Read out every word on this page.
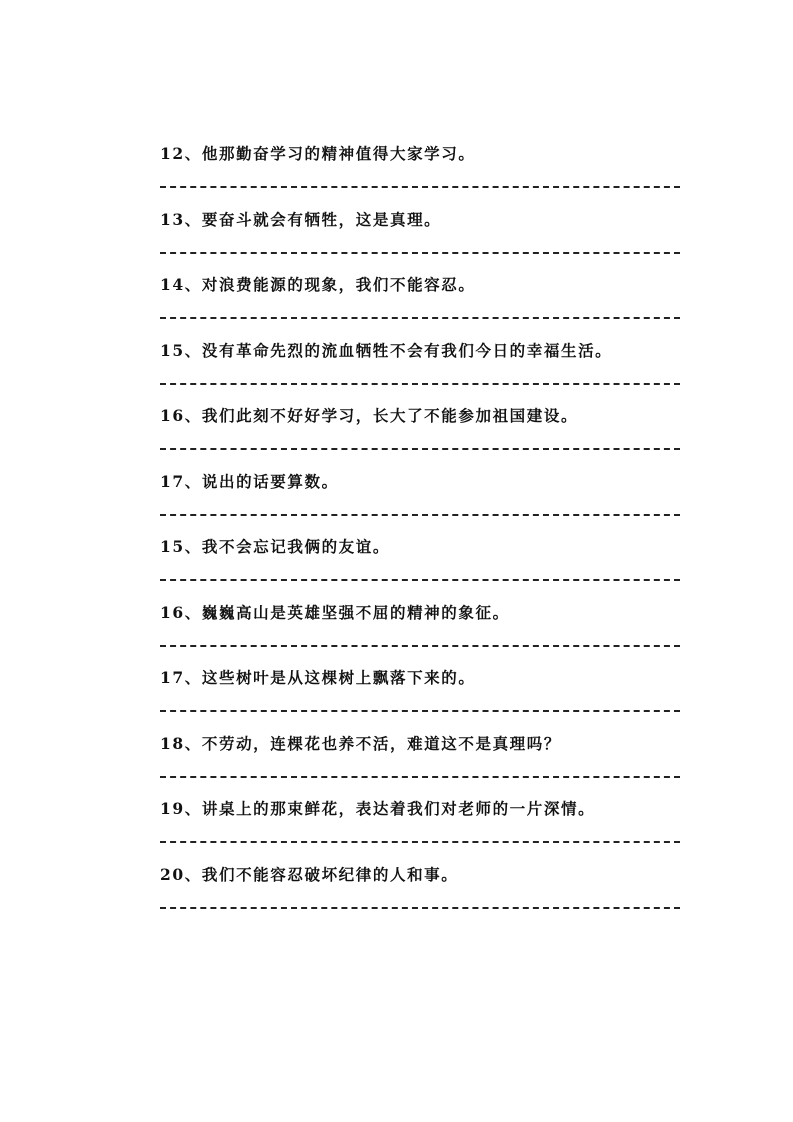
12、他那勤奋学习的精神值得大家学习。
13、要奋斗就会有牺牲，这是真理。
14、对浪费能源的现象，我们不能容忍。
15、没有革命先烈的流血牺牲不会有我们今日的幸福生活。
16、我们此刻不好好学习，长大了不能参加祖国建设。
17、说出的话要算数。
15、我不会忘记我俩的友谊。
16、巍巍高山是英雄坚强不屈的精神的象征。
17、这些树叶是从这棵树上飘落下来的。
18、不劳动，连棵花也养不活，难道这不是真理吗？
19、讲桌上的那束鲜花，表达着我们对老师的一片深情。
20、我们不能容忍破坏纪律的人和事。
